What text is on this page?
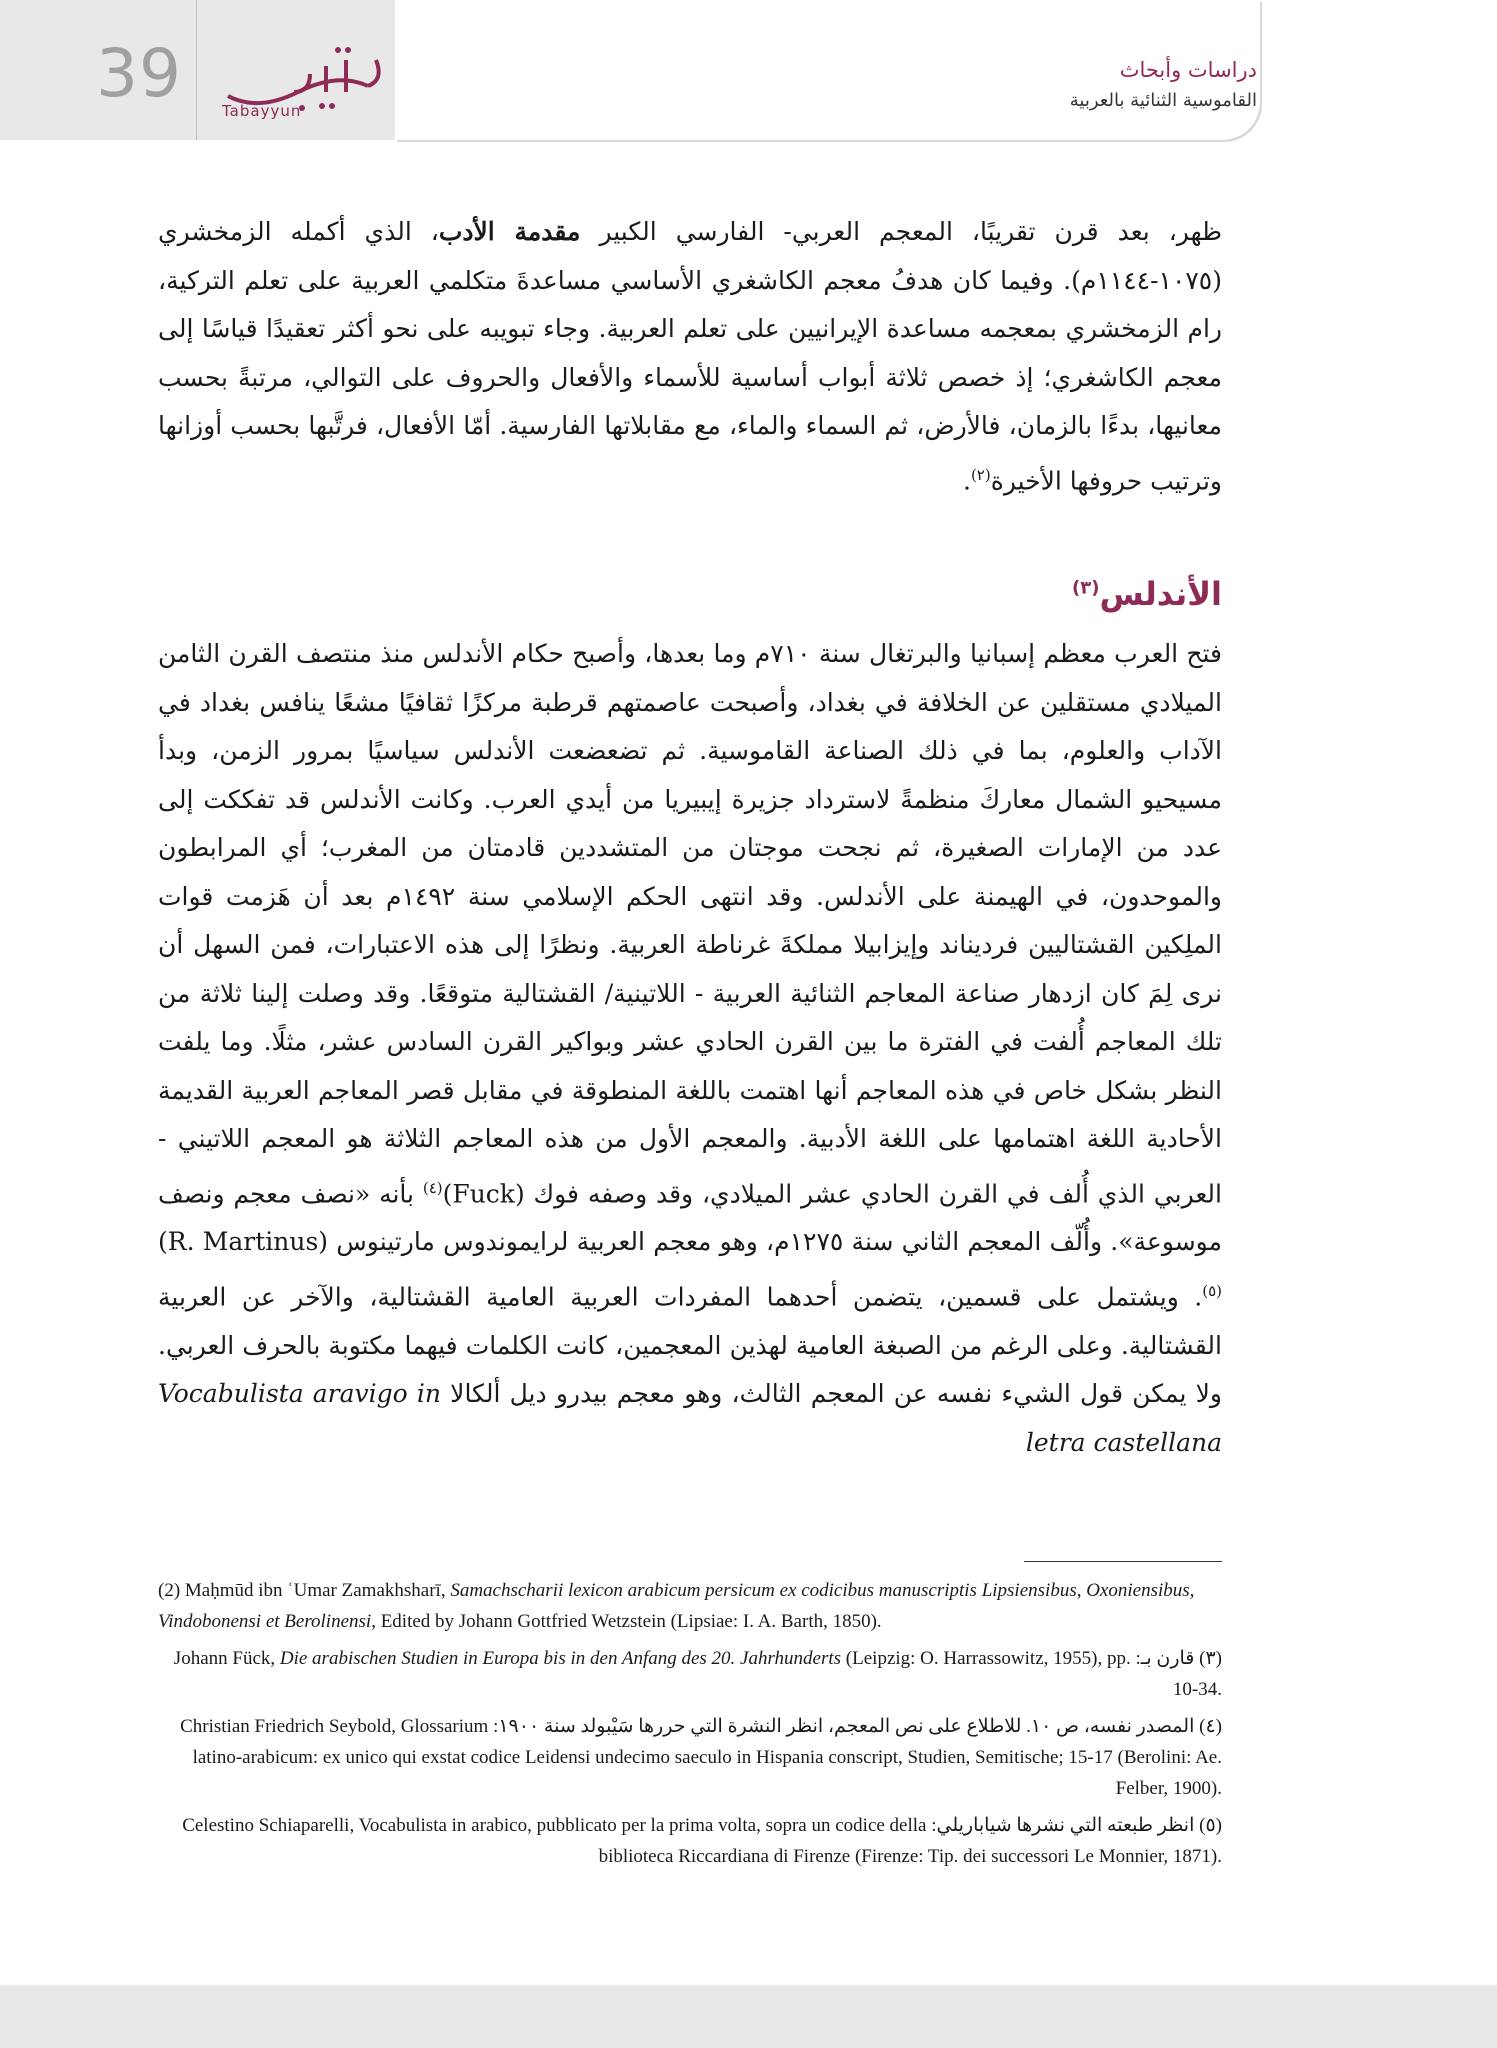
39	Tabayyun
دراسات وأبحاث
القاموسية الثنائية بالعربية

ظهر، بعد قرن تقريبًا، المعجم العربي- الفارسي الكبير مقدمة الأدب، الذي أكمله الزمخشري (١٠٧٥-١١٤٤م). وفيما كان هدفُ معجم الكاشغري الأساسي مساعدةَ متكلمي العربية على تعلم التركية، رام الزمخشري بمعجمه مساعدة الإيرانيين على تعلم العربية. وجاء تبويبه على نحو أكثر تعقيدًا قياسًا إلى معجم الكاشغري؛ إذ خصص ثلاثة أبواب أساسية للأسماء والأفعال والحروف على التوالي، مرتبةً بحسب معانيها، بدءًا بالزمان، فالأرض، ثم السماء والماء، مع مقابلاتها الفارسية. أمّا الأفعال، فرتَّبها بحسب أوزانها وترتيب حروفها الأخيرة$^{(٢)}$.

الأندلس$^{(٣)}$

فتح العرب معظم إسبانيا والبرتغال سنة ٧١٠م وما بعدها، وأصبح حكام الأندلس منذ منتصف القرن الثامن الميلادي مستقلين عن الخلافة في بغداد، وأصبحت عاصمتهم قرطبة مركزًا ثقافيًا مشعًا ينافس بغداد في الآداب والعلوم، بما في ذلك الصناعة القاموسية. ثم تضعضعت الأندلس سياسيًا بمرور الزمن، وبدأ مسيحيو الشمال معاركَ منظمةً لاسترداد جزيرة إيبيريا من أيدي العرب. وكانت الأندلس قد تفككت إلى عدد من الإمارات الصغيرة، ثم نجحت موجتان من المتشددين قادمتان من المغرب؛ أي المرابطون والموحدون، في الهيمنة على الأندلس. وقد انتهى الحكم الإسلامي سنة ١٤٩٢م بعد أن هَزمت قوات الملِكين القشتاليين فرديناند وإيزابيلا مملكةَ غرناطة العربية. ونظرًا إلى هذه الاعتبارات، فمن السهل أن نرى لِمَ كان ازدهار صناعة المعاجم الثنائية العربية - اللاتينية/ القشتالية متوقعًا. وقد وصلت إلينا ثلاثة من تلك المعاجم أُلفت في الفترة ما بين القرن الحادي عشر وبواكير القرن السادس عشر، مثلًا. وما يلفت النظر بشكل خاص في هذه المعاجم أنها اهتمت باللغة المنطوقة في مقابل قصر المعاجم العربية القديمة الأحادية اللغة اهتمامها على اللغة الأدبية. والمعجم الأول من هذه المعاجم الثلاثة هو المعجم اللاتيني - العربي الذي أُلف في القرن الحادي عشر الميلادي، وقد وصفه فوك (Fuck)$^{(٤)}$ بأنه «نصف معجم ونصف موسوعة». وأُلّف المعجم الثاني سنة ١٢٧٥م، وهو معجم العربية لرايموندوس مارتينوس (R. Martinus)$^{(٥)}$. ويشتمل على قسمين، يتضمن أحدهما المفردات العربية العامية القشتالية، والآخر عن العربية القشتالية. وعلى الرغم من الصبغة العامية لهذين المعجمين، كانت الكلمات فيهما مكتوبة بالحرف العربي. ولا يمكن قول الشيء نفسه عن المعجم الثالث، وهو معجم بيدرو ديل ألكالا Vocabulista aravigo in letra castellana

(2) Maḥmūd ibn ʿUmar Zamakhsharī, Samachscharii lexicon arabicum persicum ex codicibus manuscriptis Lipsiensibus, Oxoniensibus, Vindobonensi et Berolinensi, Edited by Johann Gottfried Wetzstein (Lipsiae: I. A. Barth, 1850).

(٣) قارن بـ: Johann Fück, Die arabischen Studien in Europa bis in den Anfang des 20. Jahrhunderts (Leipzig: O. Harrassowitz, 1955), pp. 10-34.

(٤) المصدر نفسه، ص ١٠. للاطلاع على نص المعجم، انظر النشرة التي حررها سَيْبولد سنة ١٩٠٠: Christian Friedrich Seybold, Glossarium latino-arabicum: ex unico qui exstat codice Leidensi undecimo saeculo in Hispania conscript, Studien, Semitische; 15-17 (Berolini: Ae. Felber, 1900).

(٥) انظر طبعته التي نشرها شياباريلي: Celestino Schiaparelli, Vocabulista in arabico, pubblicato per la prima volta, sopra un codice della biblioteca Riccardiana di Firenze (Firenze: Tip. dei successori Le Monnier, 1871).
